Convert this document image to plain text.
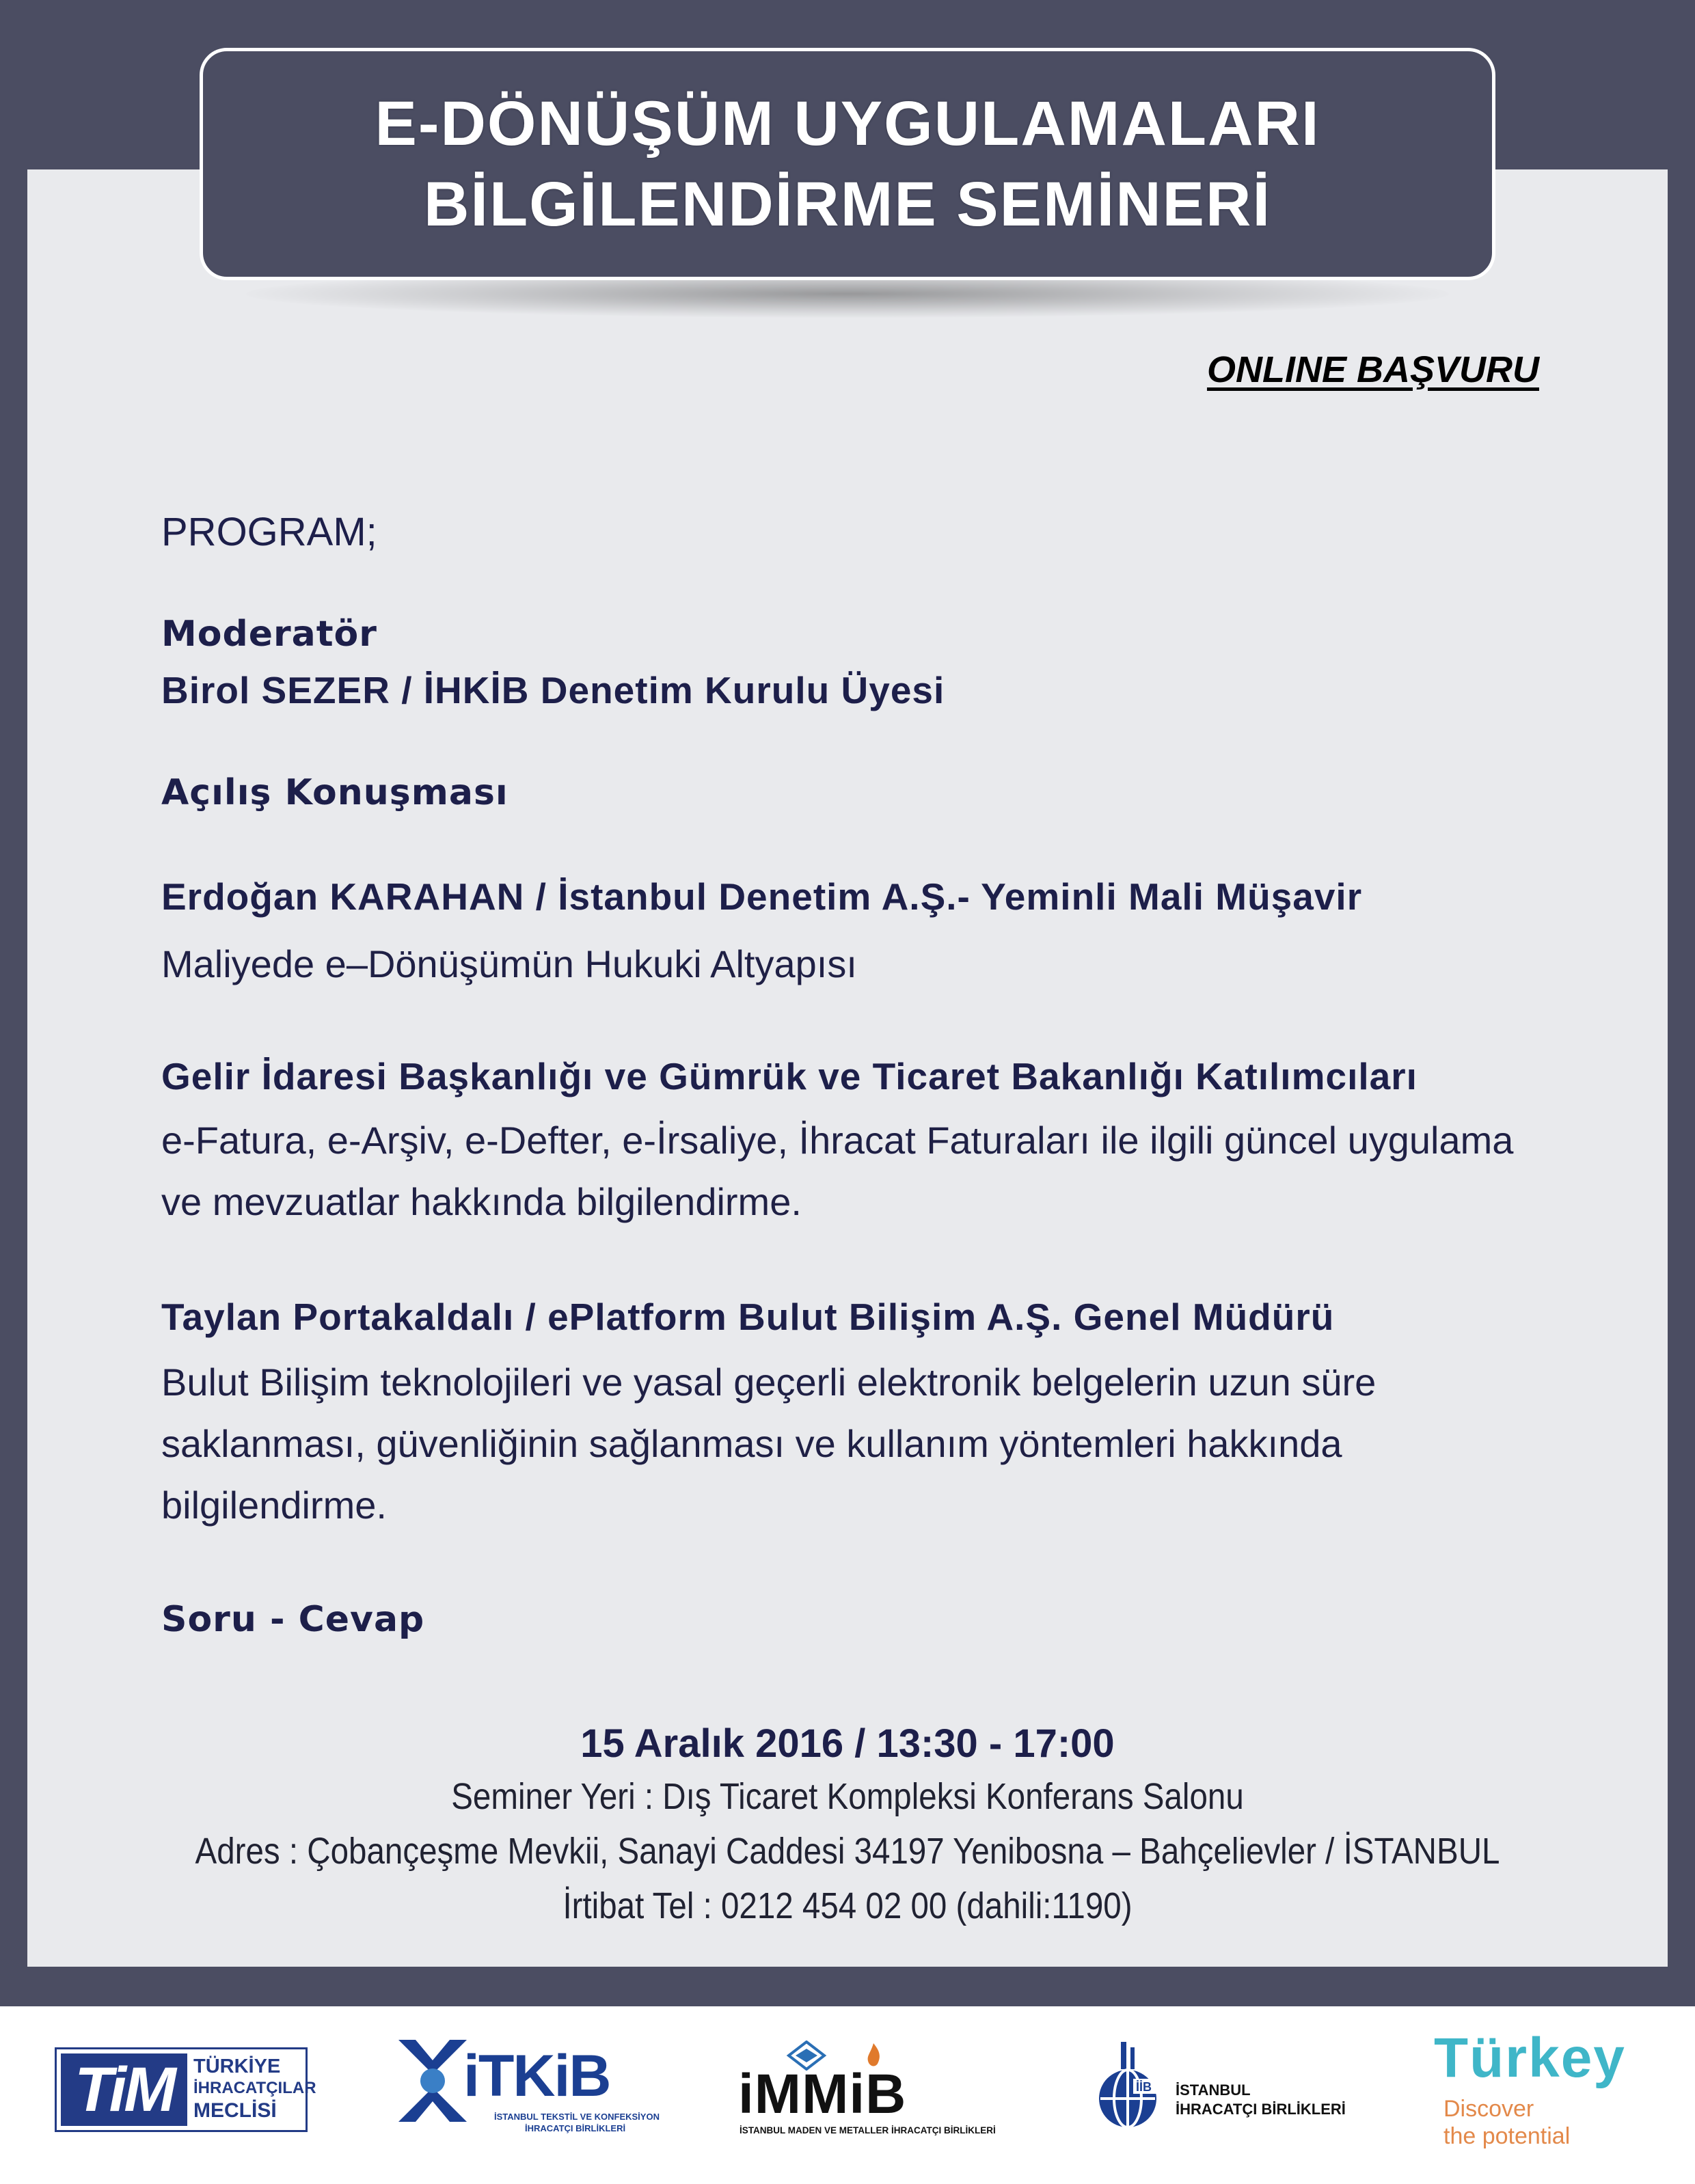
E-DÖNÜŞÜM UYGULAMALARI
BİLGİLENDİRME SEMİNERİ
ONLINE BAŞVURU
PROGRAM;
Moderatör
Birol SEZER / İHKİB Denetim Kurulu Üyesi
Açılış Konuşması
Erdoğan KARAHAN / İstanbul Denetim A.Ş.- Yeminli Mali Müşavir
Maliyede e–Dönüşümün Hukuki Altyapısı
Gelir İdaresi Başkanlığı ve Gümrük ve Ticaret Bakanlığı Katılımcıları
e-Fatura, e-Arşiv, e-Defter, e-İrsaliye, İhracat Faturaları ile ilgili güncel uygulama
ve mevzuatlar hakkında bilgilendirme.
Taylan Portakaldalı / ePlatform Bulut Bilişim A.Ş. Genel Müdürü
Bulut Bilişim teknolojileri ve yasal geçerli elektronik belgelerin uzun süre
saklanması, güvenliğinin sağlanması ve kullanım yöntemleri hakkında
bilgilendirme.
Soru - Cevap
15 Aralık 2016 / 13:30 - 17:00
Seminer Yeri : Dış Ticaret Kompleksi Konferans Salonu
Adres : Çobançeşme Mevkii, Sanayi Caddesi 34197 Yenibosna – Bahçelievler / İSTANBUL
İrtibat Tel : 0212 454 02 00 (dahili:1190)
TiM	TÜRKİYE
İHRACATÇILAR
MECLİSİ
iTKiB
İSTANBUL TEKSTİL VE KONFEKSİYON
İHRACATÇI BİRLİKLERİ
iMMiB
İSTANBUL MADEN VE METALLER İHRACATÇI BİRLİKLERİ
İİB İSTANBUL
İHRACATÇI BİRLİKLERİ
Türkey
Discover
the potential
